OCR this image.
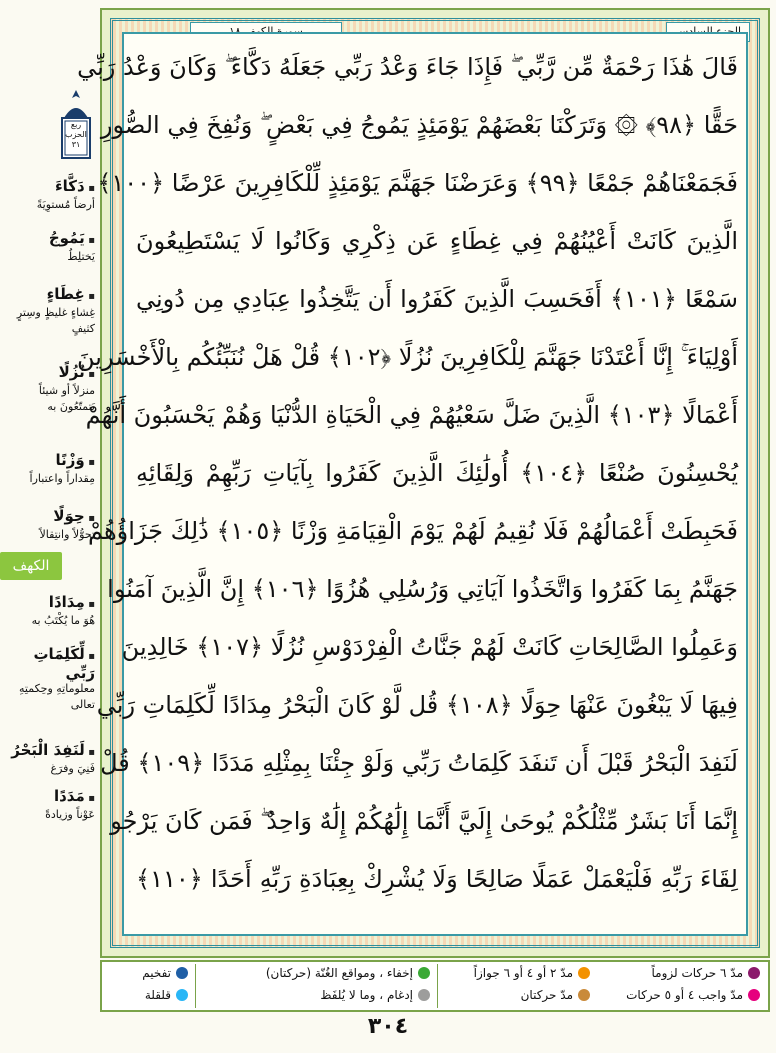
ربع
الحزب
٣١
▪ دَكَّاءَ
أرضاً مُستوِيَةً
▪ يَمُوجُ
يَختلِطُ
▪ غِطَاءٍ
غِشاءٍ غليظٍ وسِترٍ كثيفٍ
▪ نُزُلًا
منزلاً أو شيئاً يَتمتّعُونَ به
▪ وَزْنًا
مِقداراً واعتباراً
▪ حِوَلًا
تحوُّلاً وانتِقالاً
الكهف
▪ مِدَادًا
هُوَ ما يُكْتَبُ به
▪ لِّكَلِمَاتِ رَبِّي
معلوماتِهِ وحِكمتِهِ تعالى
▪ لَنَفِدَ الْبَحْرُ
فَنِيَ وفرَغ
▪ مَدَدًا
عَوْناً وزيادةً
قَالَ هَٰذَا رَحْمَةٌ مِّن رَّبِّي ۖ فَإِذَا جَاءَ وَعْدُ رَبِّي جَعَلَهُ دَكَّاءَ ۖ وَكَانَ وَعْدُ رَبِّي
حَقًّا ﴿٩٨﴾ ۞ وَتَرَكْنَا بَعْضَهُمْ يَوْمَئِذٍ يَمُوجُ فِي بَعْضٍ ۖ وَنُفِخَ فِي الصُّورِ
فَجَمَعْنَاهُمْ جَمْعًا ﴿٩٩﴾ وَعَرَضْنَا جَهَنَّمَ يَوْمَئِذٍ لِّلْكَافِرِينَ عَرْضًا ﴿١٠٠﴾
الَّذِينَ كَانَتْ أَعْيُنُهُمْ فِي غِطَاءٍ عَن ذِكْرِي وَكَانُوا لَا يَسْتَطِيعُونَ
سَمْعًا ﴿١٠١﴾ أَفَحَسِبَ الَّذِينَ كَفَرُوا أَن يَتَّخِذُوا عِبَادِي مِن دُونِي
أَوْلِيَاءَ ۚ إِنَّا أَعْتَدْنَا جَهَنَّمَ لِلْكَافِرِينَ نُزُلًا ﴿١٠٢﴾ قُلْ هَلْ نُنَبِّئُكُم بِالْأَخْسَرِينَ
أَعْمَالًا ﴿١٠٣﴾ الَّذِينَ ضَلَّ سَعْيُهُمْ فِي الْحَيَاةِ الدُّنْيَا وَهُمْ يَحْسَبُونَ أَنَّهُمْ
يُحْسِنُونَ صُنْعًا ﴿١٠٤﴾ أُولَٰئِكَ الَّذِينَ كَفَرُوا بِآيَاتِ رَبِّهِمْ وَلِقَائِهِ
فَحَبِطَتْ أَعْمَالُهُمْ فَلَا نُقِيمُ لَهُمْ يَوْمَ الْقِيَامَةِ وَزْنًا ﴿١٠٥﴾ ذَٰلِكَ جَزَاؤُهُمْ
جَهَنَّمُ بِمَا كَفَرُوا وَاتَّخَذُوا آيَاتِي وَرُسُلِي هُزُوًا ﴿١٠٦﴾ إِنَّ الَّذِينَ آمَنُوا
وَعَمِلُوا الصَّالِحَاتِ كَانَتْ لَهُمْ جَنَّاتُ الْفِرْدَوْسِ نُزُلًا ﴿١٠٧﴾ خَالِدِينَ
فِيهَا لَا يَبْغُونَ عَنْهَا حِوَلًا ﴿١٠٨﴾ قُل لَّوْ كَانَ الْبَحْرُ مِدَادًا لِّكَلِمَاتِ رَبِّي
لَنَفِدَ الْبَحْرُ قَبْلَ أَن تَنفَدَ كَلِمَاتُ رَبِّي وَلَوْ جِئْنَا بِمِثْلِهِ مَدَدًا ﴿١٠٩﴾ قُلْ
إِنَّمَا أَنَا بَشَرٌ مِّثْلُكُمْ يُوحَىٰ إِلَيَّ أَنَّمَا إِلَٰهُكُمْ إِلَٰهٌ وَاحِدٌ ۖ فَمَن كَانَ يَرْجُو
لِقَاءَ رَبِّهِ فَلْيَعْمَلْ عَمَلًا صَالِحًا وَلَا يُشْرِكْ بِعِبَادَةِ رَبِّهِ أَحَدًا ﴿١١٠﴾
مدّ ٦ حركات لزوماً
مدّ واجب ٤ أو ٥ حركات
مدّ ٢ أو ٤ أو ٦ جوازاً
مدّ حركتان
إخفاء ، ومواقع الغُنّة (حركتان)
إدغام ، وما لا يُلفَظ
تفخيم
قلقلة
٣٠٤
